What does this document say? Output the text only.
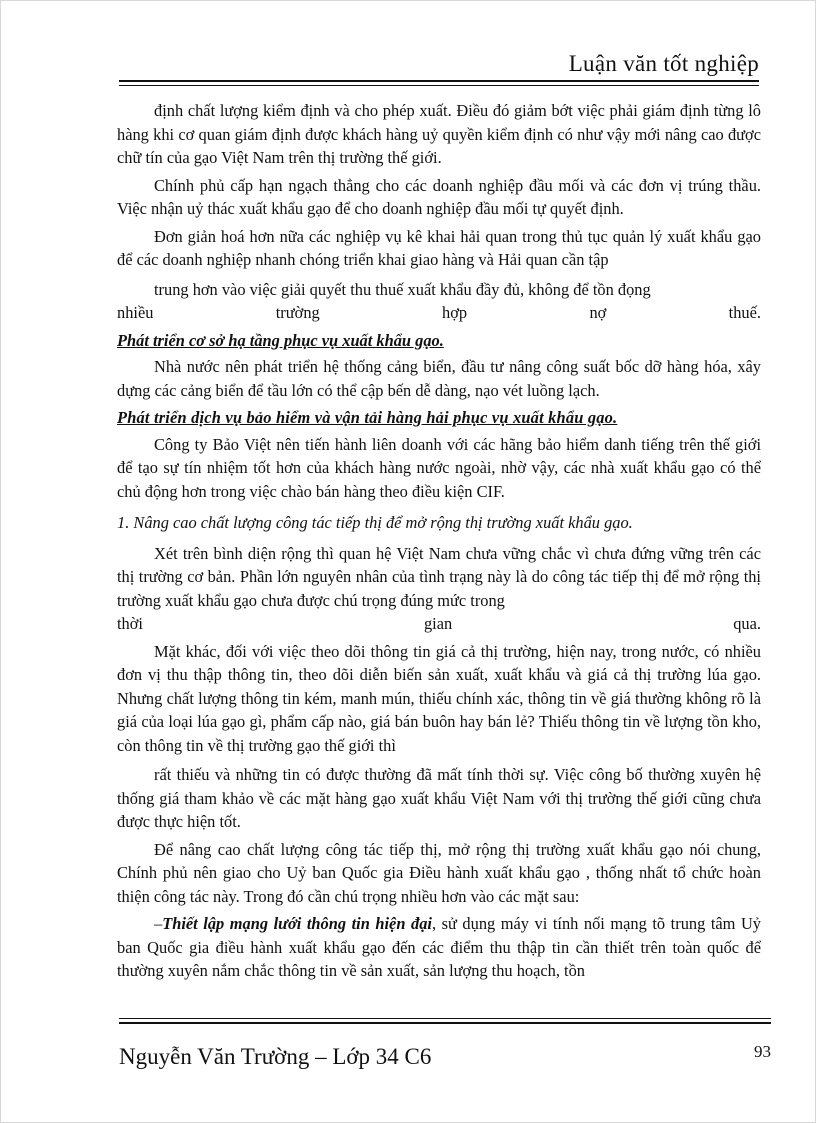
Luận văn tốt nghiệp

định chất lượng kiểm định và cho phép xuất. Điều đó giảm bớt việc phải giám định từng lô hàng khi cơ quan giám định được khách hàng uỷ quyền kiểm định có như vậy mới nâng cao được chữ tín của gạo Việt Nam trên thị trường thế giới.

Chính phủ cấp hạn ngạch thẳng cho các doanh nghiệp đầu mối và các đơn vị trúng thầu. Việc nhận uỷ thác xuất khẩu gạo để cho doanh nghiệp đầu mối tự quyết định.

Đơn giản hoá hơn nữa các nghiệp vụ kê khai hải quan trong thủ tục quản lý xuất khẩu gạo để các doanh nghiệp nhanh chóng triển khai giao hàng và Hải quan cần tập

trung hơn vào việc giải quyết thu thuế xuất khẩu đầy đủ, không để tồn đọng

nhiều	trường	hợp	nợ	thuế.
Phát triển cơ sở hạ tầng phục vụ xuất khẩu gạo.

Nhà nước nên phát triển hệ thống cảng biển, đầu tư nâng công suất bốc dỡ hàng hóa, xây dựng các cảng biển để tầu lớn có thể cập bến dễ dàng, nạo vét luồng lạch.

Phát triển dịch vụ bảo hiểm và vận tải hàng hải phục vụ xuất khẩu gạo.

Công ty Bảo Việt nên tiến hành liên doanh với các hãng bảo hiểm danh tiếng trên thế giới để tạo sự tín nhiệm tốt hơn của khách hàng nước ngoài, nhờ vậy, các nhà xuất khẩu gạo có thể chủ động hơn trong việc chào bán hàng theo điều kiện CIF.

1. Nâng cao chất lượng công tác tiếp thị để mở rộng thị trường xuất khẩu gạo.

Xét trên bình diện rộng thì quan hệ Việt Nam chưa vững chắc vì chưa đứng vững trên các thị trường cơ bản. Phần lớn nguyên nhân của tình trạng này là do công tác tiếp thị để mở rộng thị trường xuất khẩu gạo chưa được chú trọng đúng mức trong

thời	gian	qua.

Mặt khác, đối với việc theo dõi thông tin giá cả thị trường, hiện nay, trong nước, có nhiều đơn vị thu thập thông tin, theo dõi diễn biến sản xuất, xuất khẩu và giá cả thị trường lúa gạo. Nhưng chất lượng thông tin kém, manh mún, thiếu chính xác, thông tin về giá thường không rõ là giá của loại lúa gạo gì, phẩm cấp nào, giá bán buôn hay bán lẻ? Thiếu thông tin về lượng tồn kho, còn thông tin về thị trường gạo thế giới thì

rất thiếu và những tin có được thường đã mất tính thời sự. Việc công bố thường xuyên hệ thống giá tham khảo về các mặt hàng gạo xuất khẩu Việt Nam với thị trường thế giới cũng chưa được thực hiện tốt.

Để nâng cao chất lượng công tác tiếp thị, mở rộng thị trường xuất khẩu gạo nói chung, Chính phủ nên giao cho Uỷ ban Quốc gia Điều hành xuất khẩu gạo , thống nhất tổ chức hoàn thiện công tác này. Trong đó cần chú trọng nhiều hơn vào các mặt sau:

–Thiết lập mạng lưới thông tin hiện đại, sử dụng máy vi tính nối mạng tõ trung tâm Uỷ ban Quốc gia điều hành xuất khẩu gạo đến các điểm thu thập tin cần thiết trên toàn quốc để thường xuyên nắm chắc thông tin về sản xuất, sản lượng thu hoạch, tồn

Nguyễn Văn Trường – Lớp 34 C6	93
